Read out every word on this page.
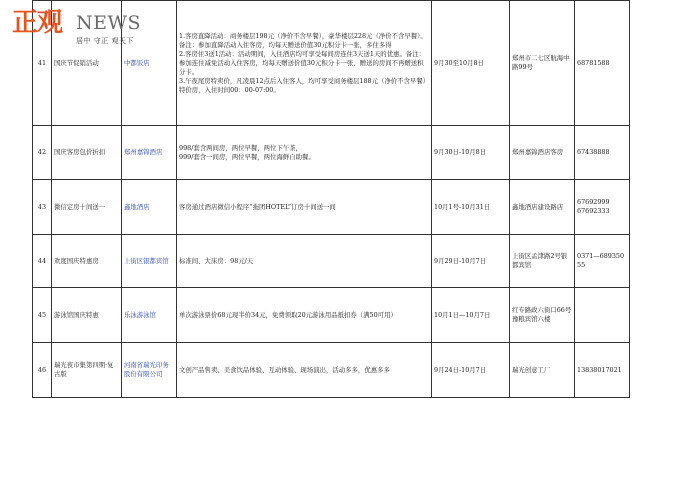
正观 NEWS
居中 守正 观天下
41	国庆节促销活动	中都饭店	1.客房直降活动：商务楼层198元（净价不含早餐），豪华楼层228元（净价不含早餐）。备注：参加直降活动入住客房，均每天赠送价值30元积分卡一张，多住多得
2.客房住3送1活动：活动期间，入住酒店均可享受每间房连住3天送1天的优惠。备注：参加连住减免活动入住客房，均每天赠送价值30元积分卡一张，赠送的房间不再赠送积分卡。
3.午夜尾房特卖价，凡凌晨12点后入住客人，均可享受商务楼层188元（净价不含早餐）特价房，入住时间00：00-07:00。	9月30至10月8日	郑州市二七区航海中路99号	68781588
42	国庆客房包价折扣	郑州嘉锦酒店	998/套含两间房，两位早餐，两位下午茶，
999/套含一间房，两位早餐，两位海鲜自助餐。	9月30日-10月8日	郑州嘉锦酒店客房	67438888
43	微信定房十间送一	鑫地酒店	客房通过酒店微信小程序“拖团HOTEL”订房十间送一间	10月1号-10月31日	鑫地酒店建设路店	67692999
67692333
44	欢度国庆特惠房	上街区银都宾馆	标准间、大床房：98元/天	9月29日-10月7日	上街区孟津路2号银都宾馆	0371—68935055
45	游泳馆国庆特惠	乐泳游泳馆	单次游泳票价68元现半价34元，免费领取20元游泳用品抵扣券（满50可用）	10月1日—10月7日	红专路政六街口66号豫粮宾馆六楼	
46	瑞光夜市集第四期·复古版	河南省瑞光印务股份有限公司	文创产品售卖、美食饮品体验、互动体验、现场演出，活动多多，优惠多多	9月24日-10月7日	瑞光创意工厂	13838017021
